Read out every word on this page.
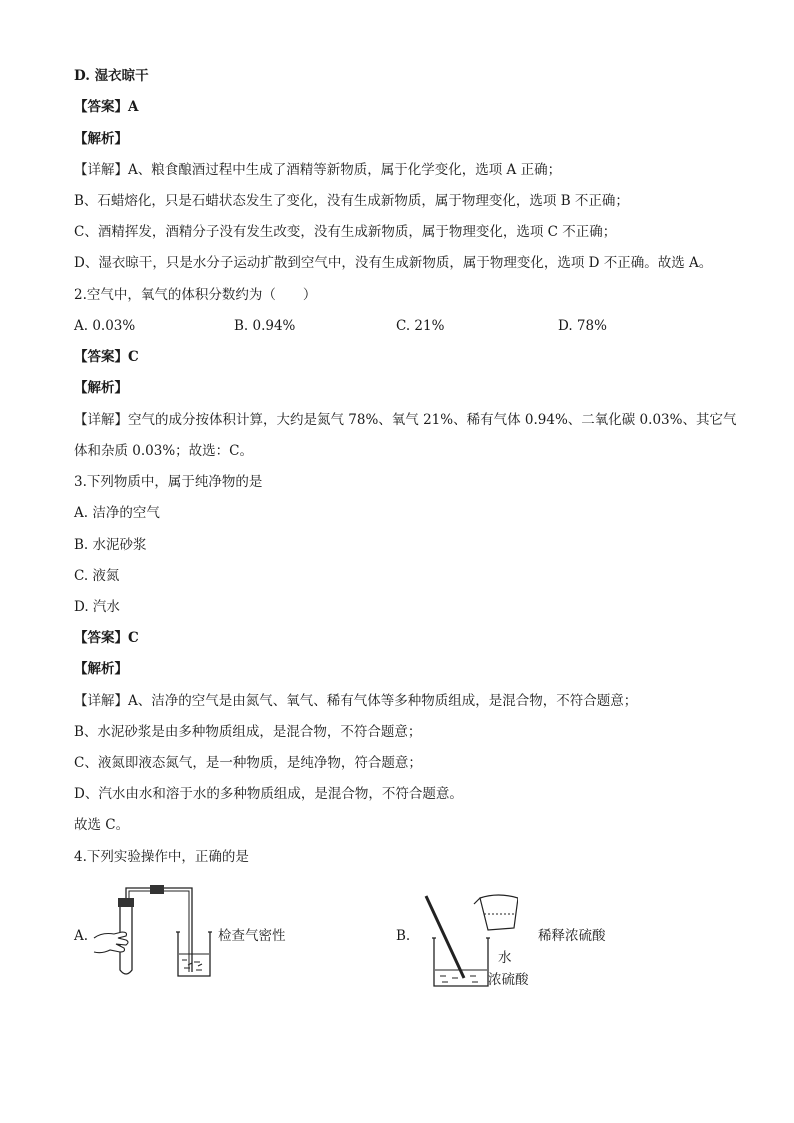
D. 湿衣晾干
【答案】A
【解析】
【详解】A、粮食酿酒过程中生成了酒精等新物质，属于化学变化，选项 A 正确；
B、石蜡熔化，只是石蜡状态发生了变化，没有生成新物质，属于物理变化，选项 B 不正确；
C、酒精挥发，酒精分子没有发生改变，没有生成新物质，属于物理变化，选项 C 不正确；
D、湿衣晾干，只是水分子运动扩散到空气中，没有生成新物质，属于物理变化，选项 D 不正确。故选 A。
2.空气中，氧气的体积分数约为（　　）
A. 0.03%	B. 0.94%	C. 21%	D. 78%
【答案】C
【解析】
【详解】空气的成分按体积计算，大约是氮气 78%、氧气 21%、稀有气体 0.94%、二氧化碳 0.03%、其它气
体和杂质 0.03%；故选：C。
3.下列物质中，属于纯净物的是
A. 洁净的空气
B. 水泥砂浆
C. 液氮
D. 汽水
【答案】C
【解析】
【详解】A、洁净的空气是由氮气、氧气、稀有气体等多种物质组成，是混合物，不符合题意；
B、水泥砂浆是由多种物质组成，是混合物，不符合题意；
C、液氮即液态氮气，是一种物质，是纯净物，符合题意；
D、汽水由水和溶于水的多种物质组成，是混合物，不符合题意。
故选 C。
4.下列实验操作中，正确的是
A.	检查气密性	B.	稀释浓硫酸
水
浓硫酸
